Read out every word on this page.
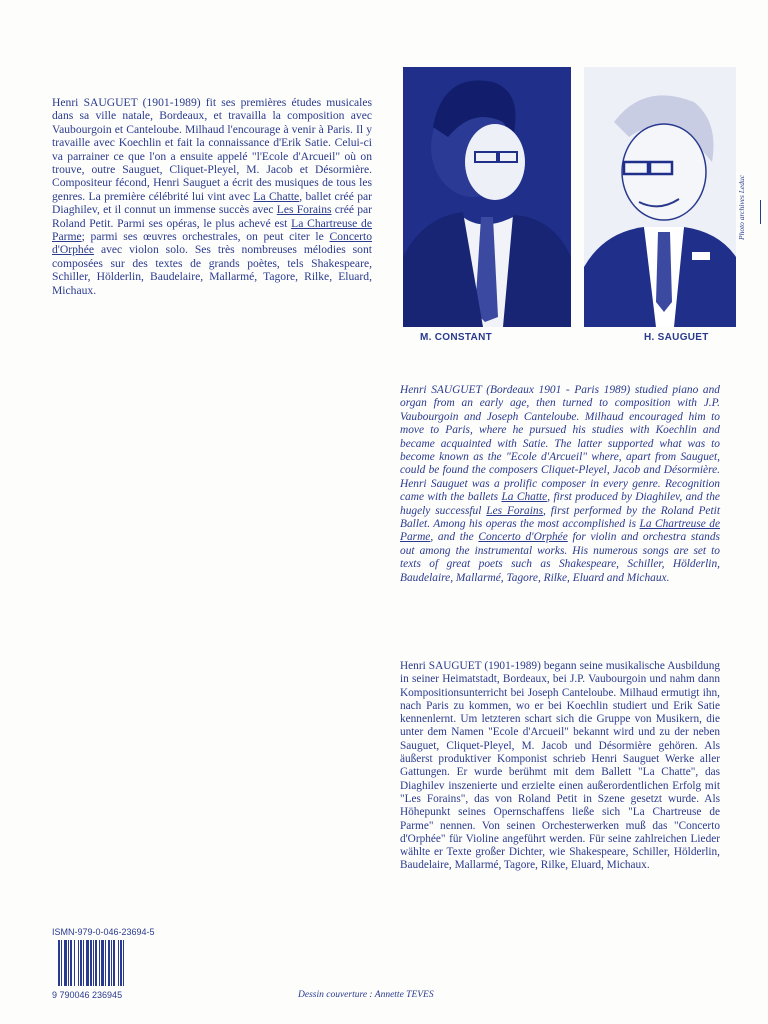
Henri SAUGUET (1901-1989) fit ses premières études musicales dans sa ville natale, Bordeaux, et travailla la composition avec Vaubourgoin et Canteloube. Milhaud l'encourage à venir à Paris. Il y travaille avec Koechlin et fait la connaissance d'Erik Satie. Celui-ci va parrainer ce que l'on a ensuite appelé "l'Ecole d'Arcueil" où on trouve, outre Sauguet, Cliquet-Pleyel, M. Jacob et Désormière. Compositeur fécond, Henri Sauguet a écrit des musiques de tous les genres. La première célébrité lui vint avec La Chatte, ballet créé par Diaghilev, et il connut un immense succès avec Les Forains créé par Roland Petit. Parmi ses opéras, le plus achevé est La Chartreuse de Parme; parmi ses œuvres orchestrales, on peut citer le Concerto d'Orphée avec violon solo. Ses très nombreuses mélodies sont composées sur des textes de grands poètes, tels Shakespeare, Schiller, Hölderlin, Baudelaire, Mallarmé, Tagore, Rilke, Eluard, Michaux.
Photo archives Leduc
M. CONSTANT	H. SAUGUET
Henri SAUGUET (Bordeaux 1901 - Paris 1989) studied piano and organ from an early age, then turned to composition with J.P. Vaubourgoin and Joseph Canteloube. Milhaud encouraged him to move to Paris, where he pursued his studies with Koechlin and became acquainted with Satie. The latter supported what was to become known as the "Ecole d'Arcueil" where, apart from Sauguet, could be found the composers Cliquet-Pleyel, Jacob and Désormière. Henri Sauguet was a prolific composer in every genre. Recognition came with the ballets La Chatte, first produced by Diaghilev, and the hugely successful Les Forains, first performed by the Roland Petit Ballet. Among his operas the most accomplished is La Chartreuse de Parme, and the Concerto d'Orphée for violin and orchestra stands out among the instrumental works. His numerous songs are set to texts of great poets such as Shakespeare, Schiller, Hölderlin, Baudelaire, Mallarmé, Tagore, Rilke, Eluard and Michaux.
Henri SAUGUET (1901-1989) begann seine musikalische Ausbildung in seiner Heimatstadt, Bordeaux, bei J.P. Vaubourgoin und nahm dann Kompositionsunterricht bei Joseph Canteloube. Milhaud ermutigt ihn, nach Paris zu kommen, wo er bei Koechlin studiert und Erik Satie kennenlernt. Um letzteren schart sich die Gruppe von Musikern, die unter dem Namen "Ecole d'Arcueil" bekannt wird und zu der neben Sauguet, Cliquet-Pleyel, M. Jacob und Désormière gehören. Als äußerst produktiver Komponist schrieb Henri Sauguet Werke aller Gattungen. Er wurde berühmt mit dem Ballett "La Chatte", das Diaghilev inszenierte und erzielte einen außerordentlichen Erfolg mit "Les Forains", das von Roland Petit in Szene gesetzt wurde. Als Höhepunkt seines Opernschaffens ließe sich "La Chartreuse de Parme" nennen. Von seinen Orchesterwerken muß das "Concerto d'Orphée" für Violine angeführt werden. Für seine zahlreichen Lieder wählte er Texte großer Dichter, wie Shakespeare, Schiller, Hölderlin, Baudelaire, Mallarmé, Tagore, Rilke, Eluard, Michaux.
ISMN-979-0-046-23694-5
9 790046 236945	Dessin couverture : Annette TEVES
